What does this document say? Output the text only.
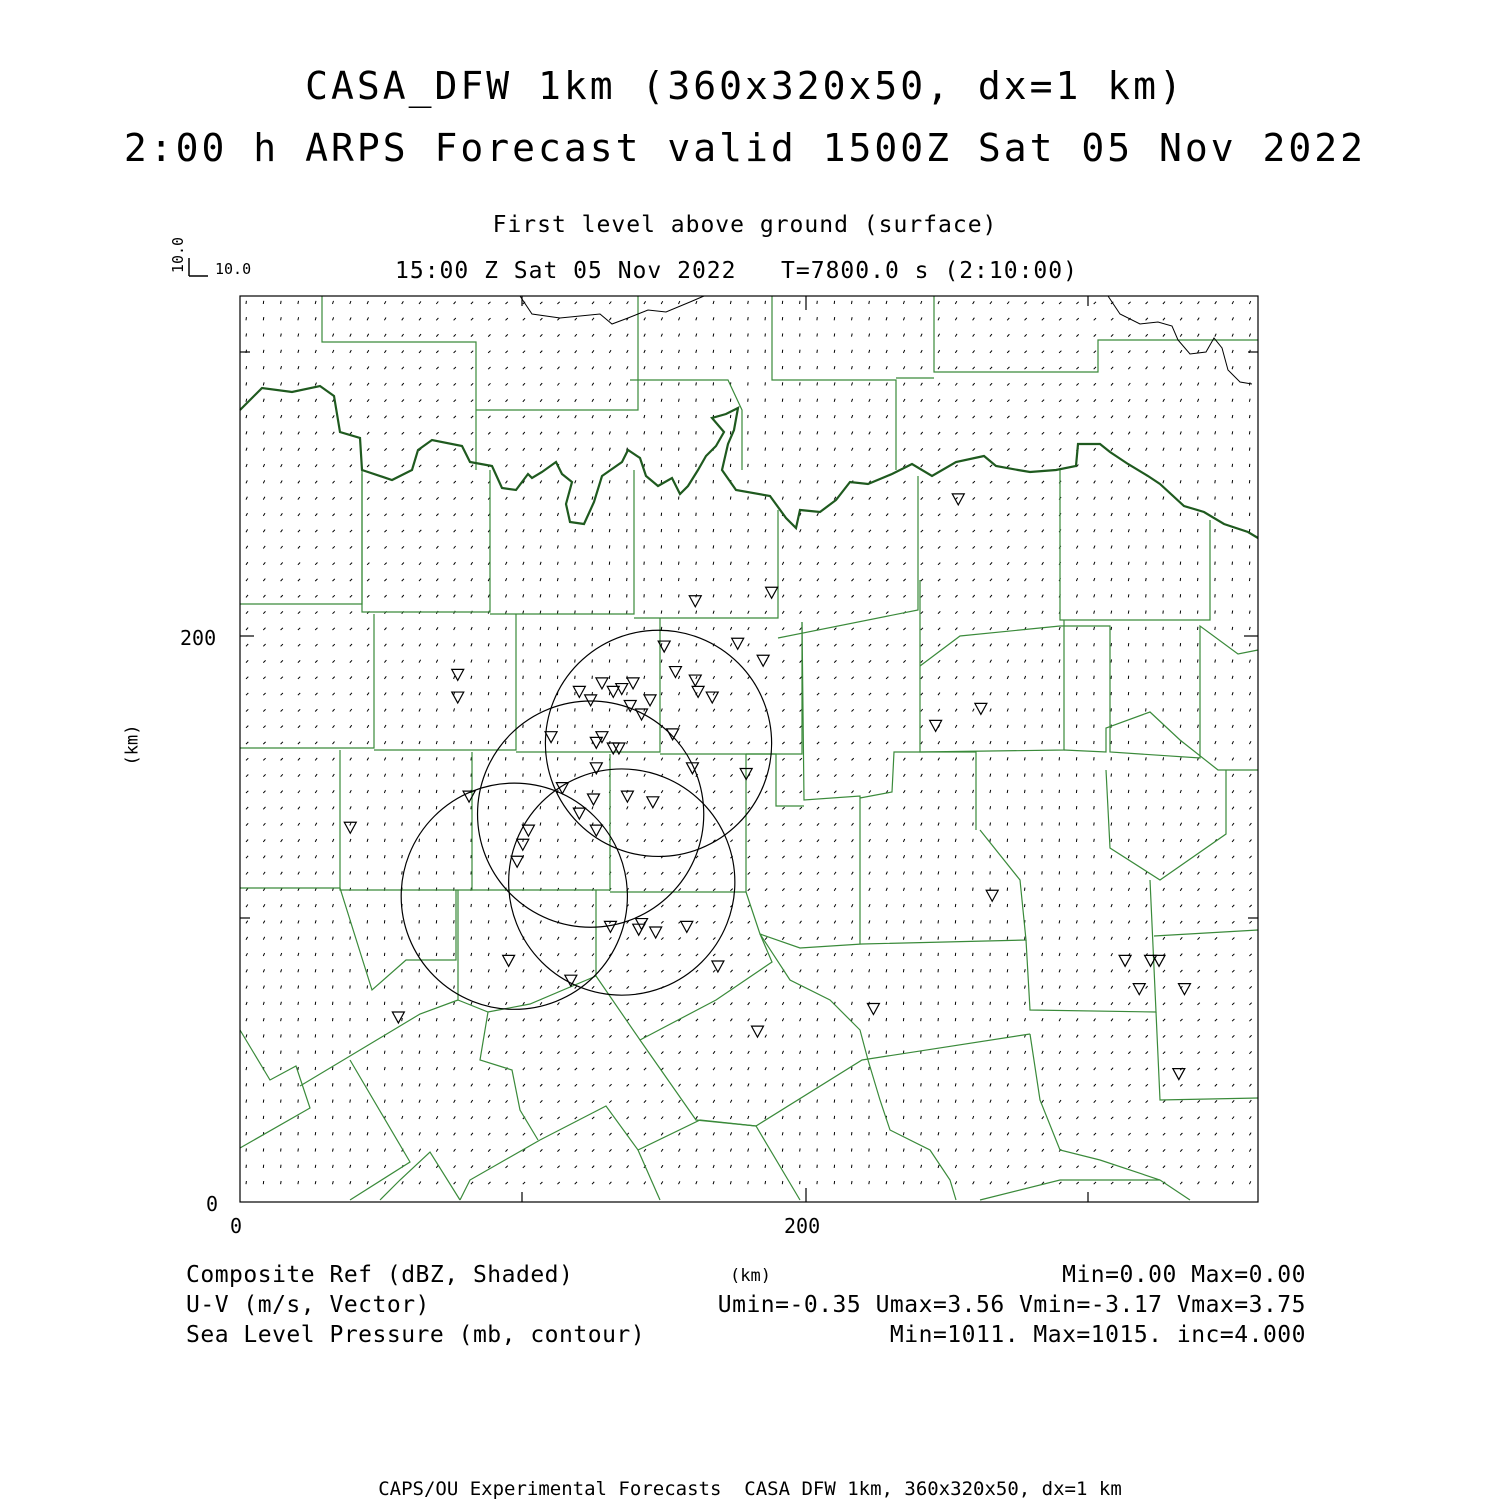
CASA_DFW 1km (360x320x50, dx=1 km)
2:00 h ARPS Forecast valid 1500Z Sat 05 Nov 2022
First level above ground (surface)
15:00 Z Sat 05 Nov 2022   T=7800.0 s (2:10:00)
10.0 10.0
(km)
(km)
0	200
0
200
Composite Ref (dBZ, Shaded)	Min=0.00 Max=0.00
U-V (m/s, Vector)	Umin=-0.35 Umax=3.56 Vmin=-3.17 Vmax=3.75
Sea Level Pressure (mb, contour)	Min=1011. Max=1015. inc=4.000
CAPS/OU Experimental Forecasts  CASA DFW 1km, 360x320x50, dx=1 km
